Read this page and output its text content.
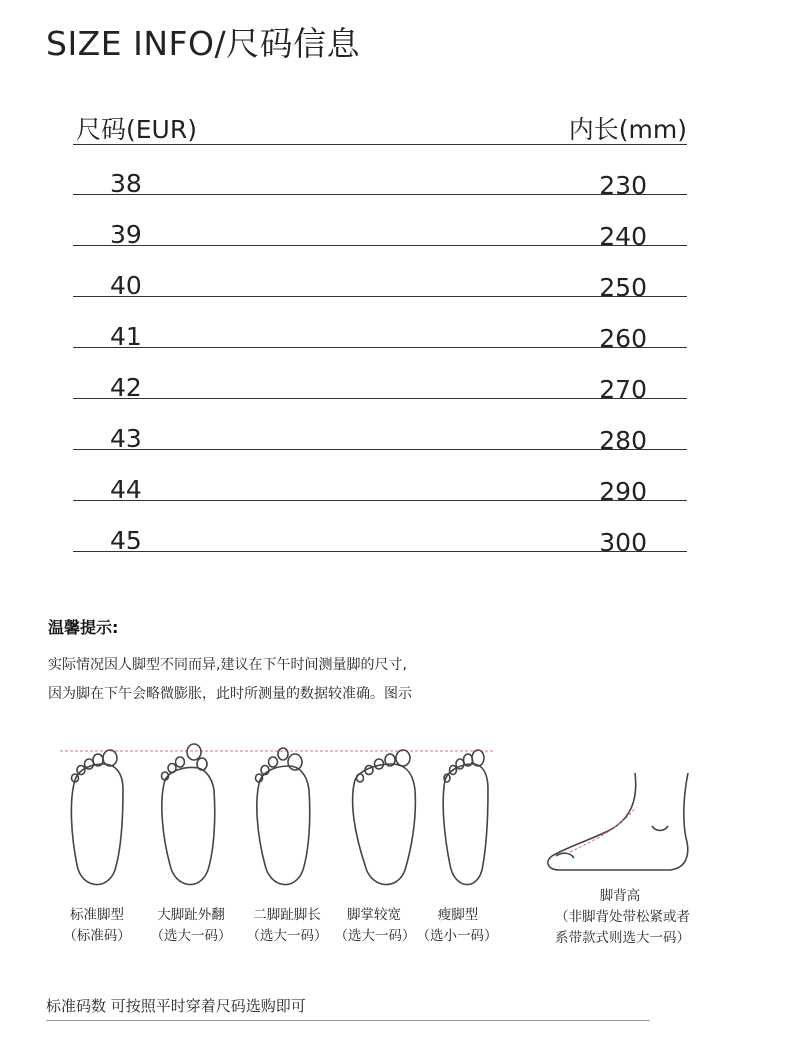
SIZE INFO/尺码信息
尺码(EUR)	内长(mm)
38	230
39	240
40	250
41	260
42	270
43	280
44	290
45	300
温馨提示:
实际情况因人脚型不同而异,建议在下午时间测量脚的尺寸,
因为脚在下午会略微膨胀，此时所测量的数据较准确。图示
标准脚型
（标准码）
大脚趾外翻
（选大一码）
二脚趾脚长
（选大一码）
脚掌较宽
（选大一码）
瘦脚型
（选小一码）
脚背高
（非脚背处带松紧或者
系带款式则选大一码）
标准码数 可按照平时穿着尺码选购即可
